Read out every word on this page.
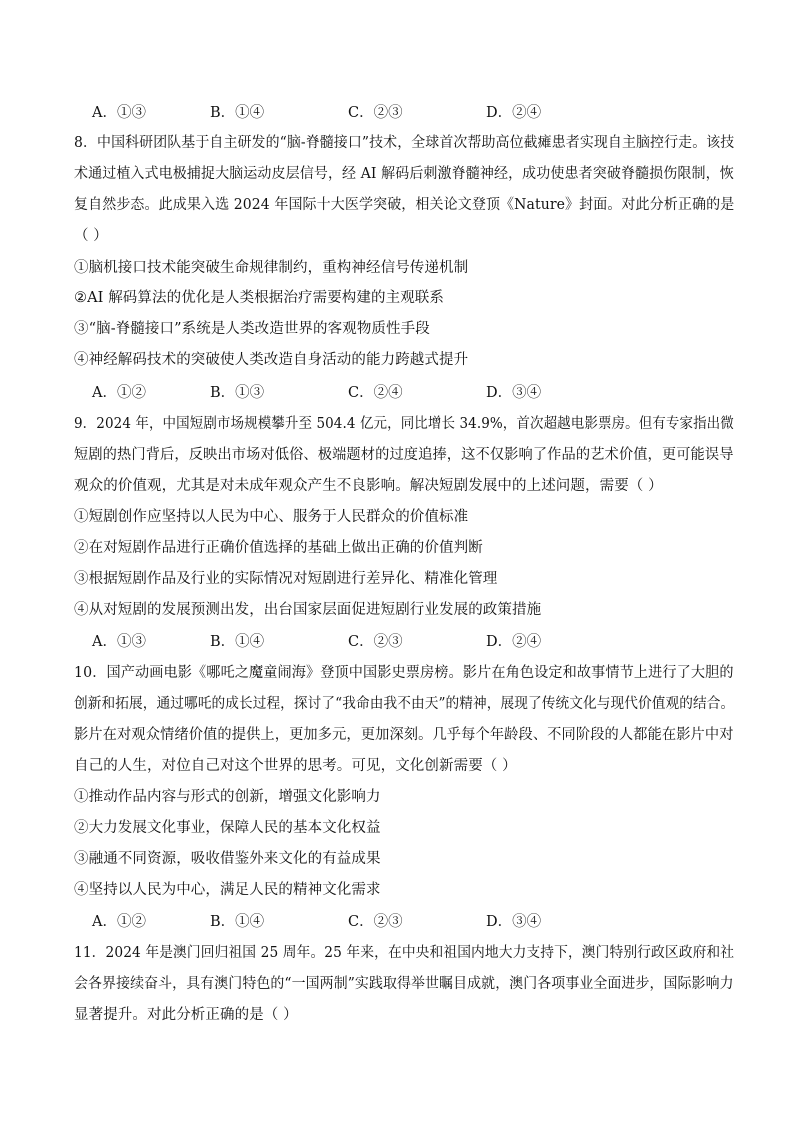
A．①③	B．①④	C．②③	D．②④
8．中国科研团队基于自主研发的“脑-脊髓接口”技术，全球首次帮助高位截瘫患者实现自主脑控行走。该技
术通过植入式电极捕捉大脑运动皮层信号，经 AI 解码后刺激脊髓神经，成功使患者突破脊髓损伤限制，恢
复自然步态。此成果入选 2024 年国际十大医学突破，相关论文登顶《Nature》封面。对此分析正确的是
（ ）
①脑机接口技术能突破生命规律制约，重构神经信号传递机制
②AI 解码算法的优化是人类根据治疗需要构建的主观联系
③“脑-脊髓接口”系统是人类改造世界的客观物质性手段
④神经解码技术的突破使人类改造自身活动的能力跨越式提升
A．①②	B．①③	C．②④	D．③④
9．2024 年，中国短剧市场规模攀升至 504.4 亿元，同比增长 34.9%，首次超越电影票房。但有专家指出微
短剧的热门背后，反映出市场对低俗、极端题材的过度追捧，这不仅影响了作品的艺术价值，更可能误导
观众的价值观，尤其是对未成年观众产生不良影响。解决短剧发展中的上述问题，需要（ ）
①短剧创作应坚持以人民为中心、服务于人民群众的价值标准
②在对短剧作品进行正确价值选择的基础上做出正确的价值判断
③根据短剧作品及行业的实际情况对短剧进行差异化、精准化管理
④从对短剧的发展预测出发，出台国家层面促进短剧行业发展的政策措施
A．①③	B．①④	C．②③	D．②④
10．国产动画电影《哪吒之魔童闹海》登顶中国影史票房榜。影片在角色设定和故事情节上进行了大胆的
创新和拓展，通过哪吒的成长过程，探讨了“我命由我不由天”的精神，展现了传统文化与现代价值观的结合。
影片在对观众情绪价值的提供上，更加多元，更加深刻。几乎每个年龄段、不同阶段的人都能在影片中对
自己的人生，对位自己对这个世界的思考。可见，文化创新需要（ ）
①推动作品内容与形式的创新，增强文化影响力
②大力发展文化事业，保障人民的基本文化权益
③融通不同资源，吸收借鉴外来文化的有益成果
④坚持以人民为中心，满足人民的精神文化需求
A．①②	B．①④	C．②③	D．③④
11．2024 年是澳门回归祖国 25 周年。25 年来，在中央和祖国内地大力支持下，澳门特别行政区政府和社
会各界接续奋斗，具有澳门特色的“一国两制”实践取得举世瞩目成就，澳门各项事业全面进步，国际影响力
显著提升。对此分析正确的是（ ）
